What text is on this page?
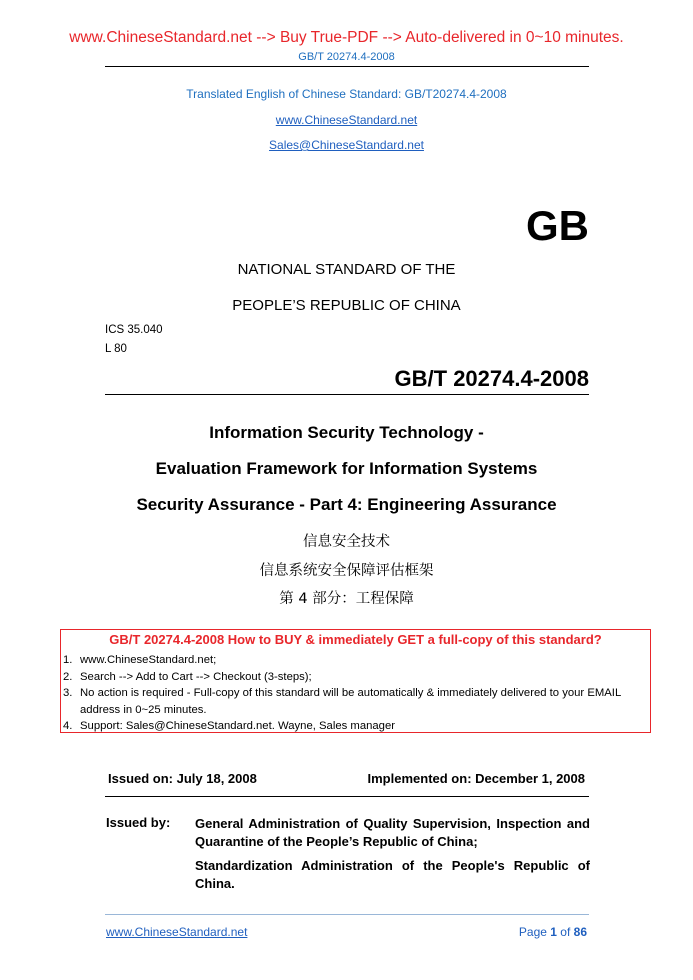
www.ChineseStandard.net --> Buy True-PDF --> Auto-delivered in 0~10 minutes.
GB/T 20274.4-2008
Translated English of Chinese Standard: GB/T20274.4-2008
www.ChineseStandard.net
Sales@ChineseStandard.net
GB
NATIONAL STANDARD OF THE
PEOPLE’S REPUBLIC OF CHINA
ICS 35.040
L 80
GB/T 20274.4-2008
Information Security Technology -
Evaluation Framework for Information Systems
Security Assurance - Part 4: Engineering Assurance
信息安全技术
信息系统安全保障评估框架
第 4 部分：工程保障
GB/T 20274.4-2008 How to BUY & immediately GET a full-copy of this standard?
1. www.ChineseStandard.net;
2. Search --> Add to Cart --> Checkout (3-steps);
3. No action is required - Full-copy of this standard will be automatically & immediately delivered to your EMAIL address in 0~25 minutes.
4. Support: Sales@ChineseStandard.net. Wayne, Sales manager
Issued on: July 18, 2008	Implemented on: December 1, 2008
Issued by: General Administration of Quality Supervision, Inspection and Quarantine of the People’s Republic of China;
Standardization Administration of the People's Republic of China.
www.ChineseStandard.net	Page 1 of 86
